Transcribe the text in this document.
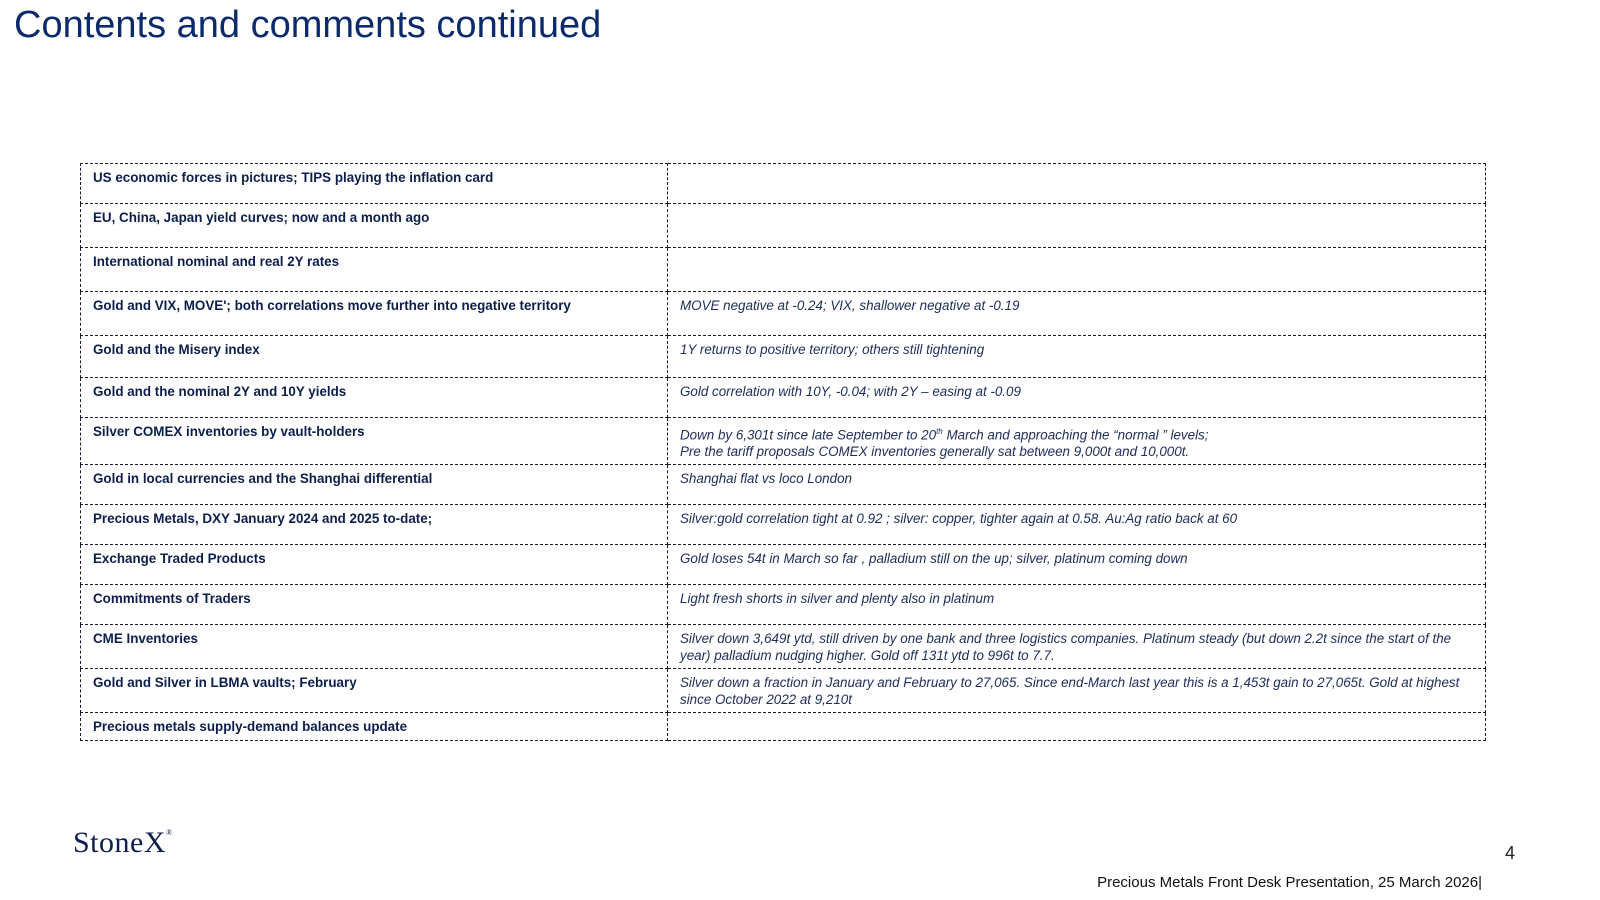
Contents and comments continued
US economic forces in pictures; TIPS playing the inflation card	
EU, China, Japan yield curves; now and a month ago	
International nominal and real 2Y rates	
Gold and VIX, MOVE'; both correlations move further into negative territory	MOVE negative at -0.24; VIX, shallower negative at -0.19
Gold and the Misery index	1Y returns to positive territory; others still tightening
Gold and the nominal 2Y and 10Y yields	Gold correlation with 10Y, -0.04; with 2Y – easing at -0.09
Silver COMEX inventories by vault-holders	Down by 6,301t since late September to 20th March and approaching the “normal ” levels;
Pre the tariff proposals COMEX inventories generally sat between 9,000t and 10,000t.
Gold in local currencies and the Shanghai differential	Shanghai flat vs loco London
Precious Metals, DXY January 2024 and 2025 to-date;	Silver:gold correlation tight at 0.92 ; silver: copper, tighter again at 0.58. Au:Ag ratio back at 60
Exchange Traded Products	Gold loses 54t in March so far , palladium still on the up; silver, platinum coming down
Commitments of Traders	Light fresh shorts in silver and plenty also in platinum
CME Inventories	Silver down 3,649t ytd, still driven by one bank and three logistics companies. Platinum steady (but down 2.2t since the start of the year) palladium nudging higher. Gold off 131t ytd to 996t to 7.7.
Gold and Silver in LBMA vaults; February	Silver down a fraction in January and February to 27,065. Since end-March last year this is a 1,453t gain to 27,065t. Gold at highest since October 2022 at 9,210t
Precious metals supply-demand balances update	
StoneX®
4
Precious Metals Front Desk Presentation, 25 March 2026|
